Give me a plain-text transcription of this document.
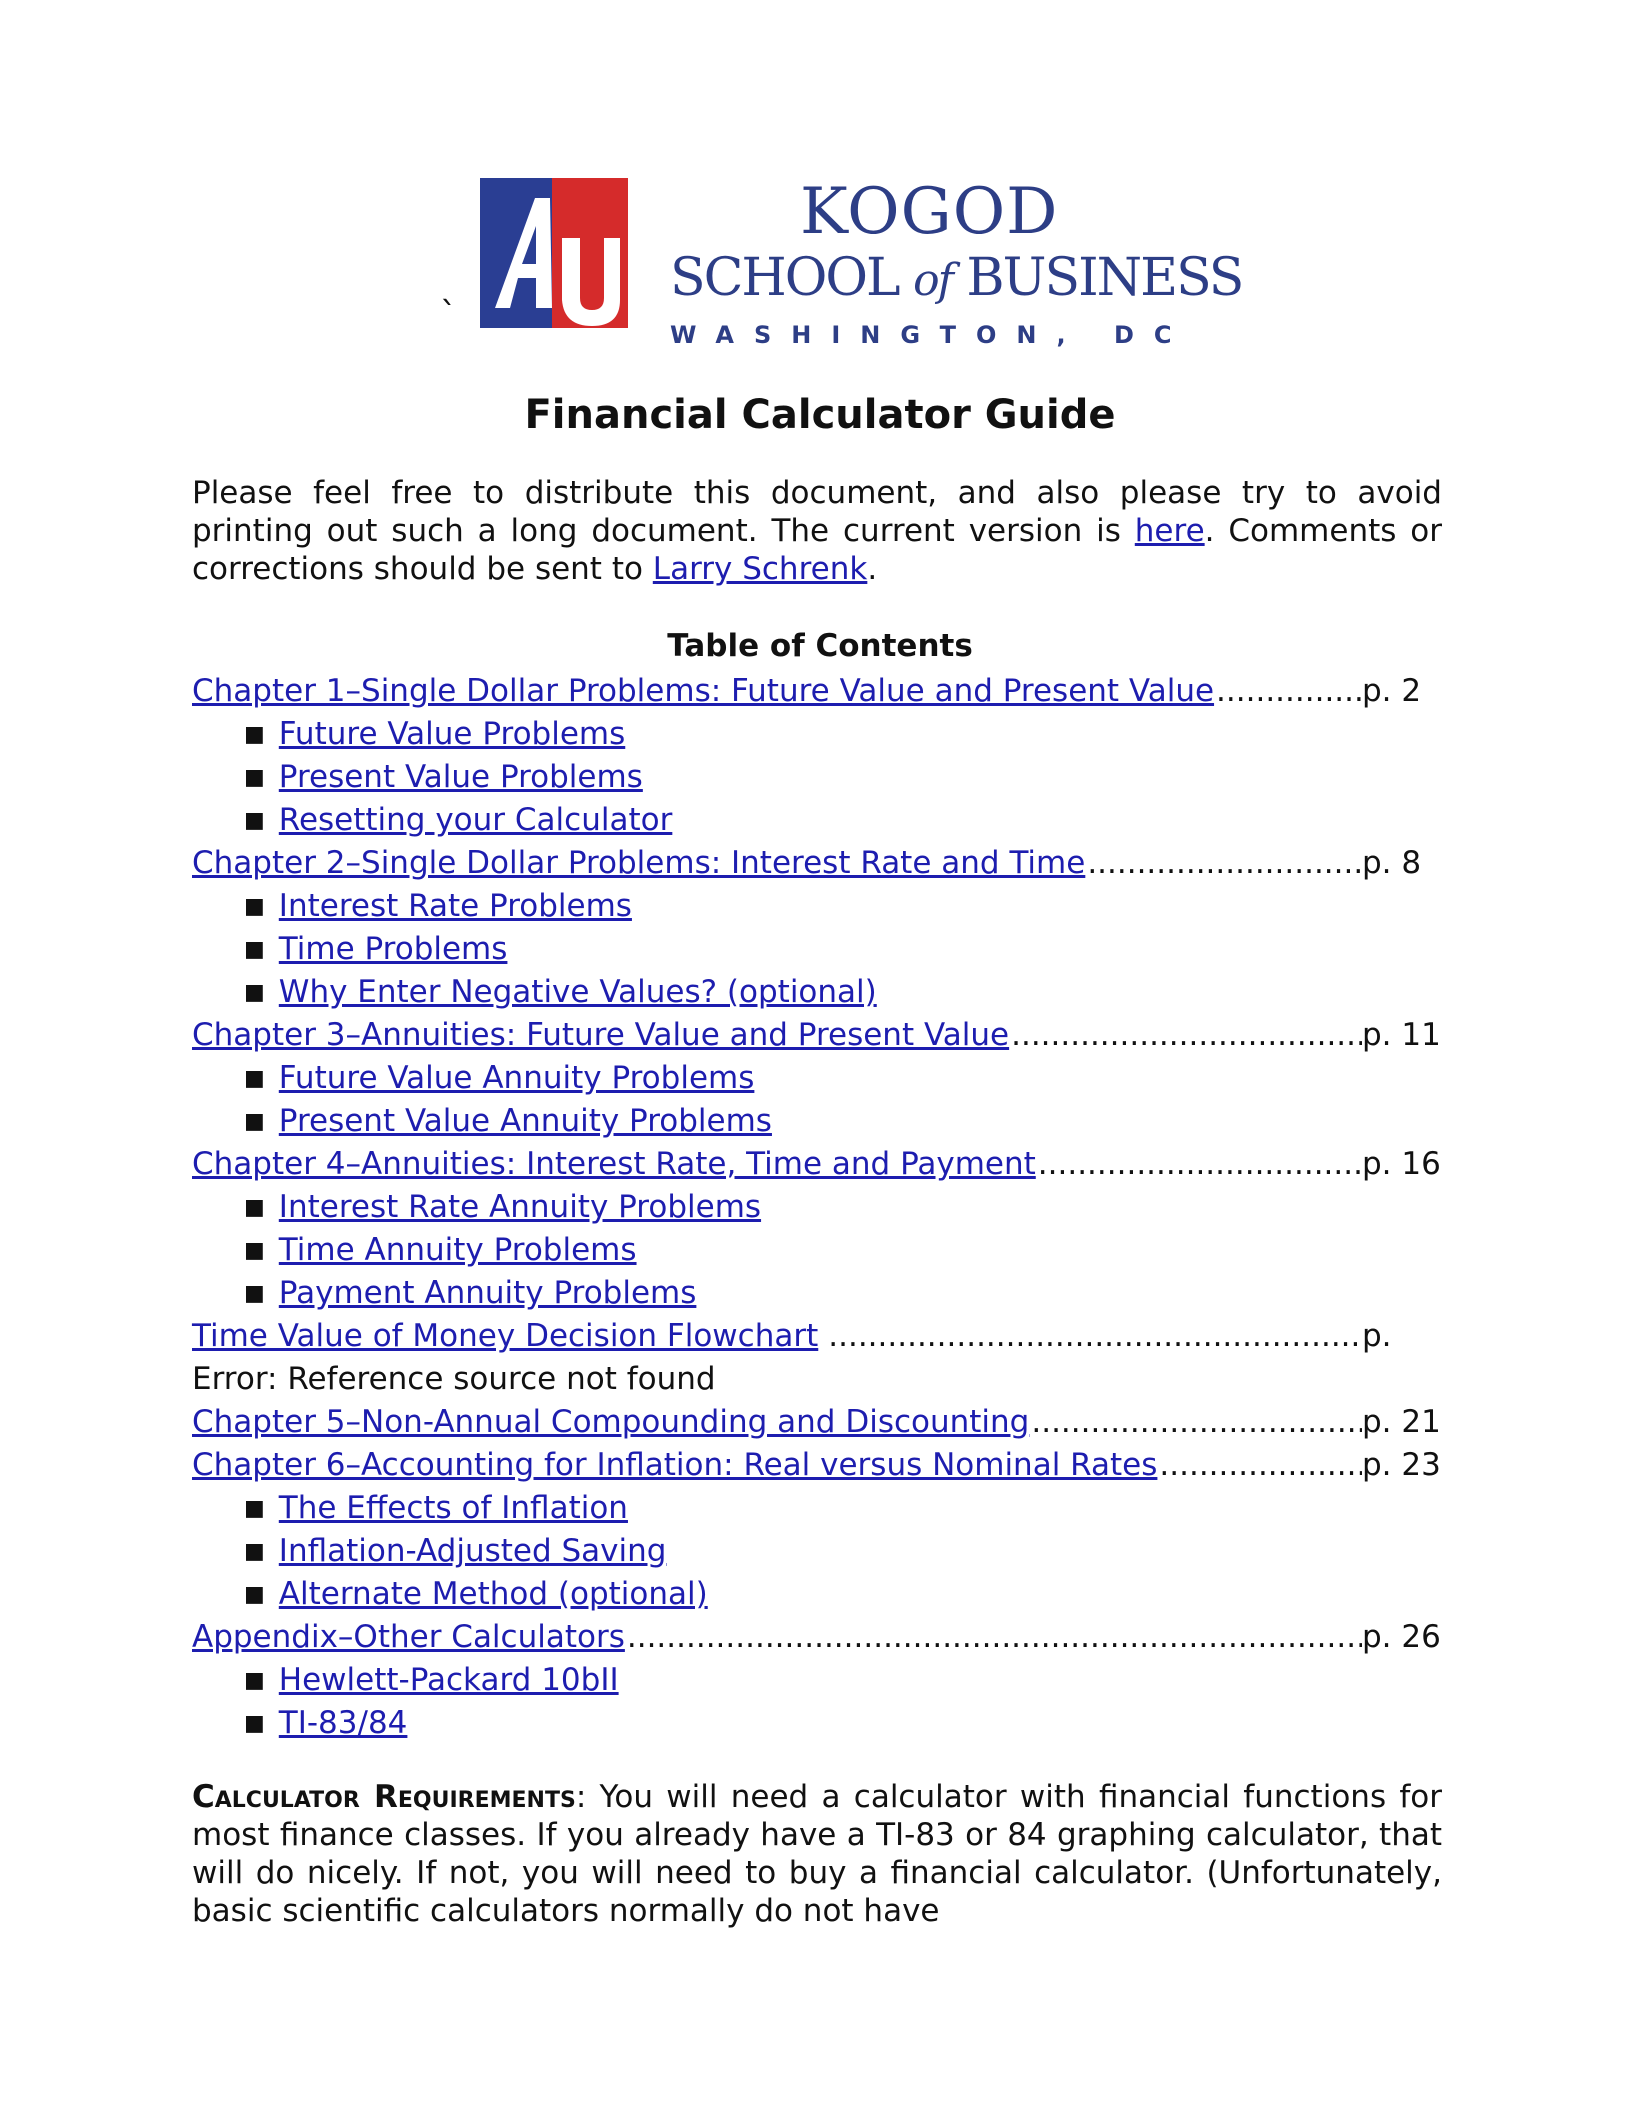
`
KOGOD
SCHOOL of BUSINESS
WASHINGTON, DC
Financial Calculator Guide

Please feel free to distribute this document, and also please try to avoid printing out such a long document. The current version is here. Comments or corrections should be sent to Larry Schrenk.

Table of Contents

Chapter 1–Single Dollar Problems: Future Value and Present Value .....	p. 2
■ Future Value Problems
■ Present Value Problems
■ Resetting your Calculator
Chapter 2–Single Dollar Problems: Interest Rate and Time .....	p. 8
■ Interest Rate Problems
■ Time Problems
■ Why Enter Negative Values? (optional)
Chapter 3–Annuities: Future Value and Present Value .....	p. 11
■ Future Value Annuity Problems
■ Present Value Annuity Problems
Chapter 4–Annuities: Interest Rate, Time and Payment .....	p. 16
■ Interest Rate Annuity Problems
■ Time Annuity Problems
■ Payment Annuity Problems
Time Value of Money Decision Flowchart .....	p.
Error: Reference source not found
Chapter 5–Non-Annual Compounding and Discounting .....	p. 21
Chapter 6–Accounting for Inflation: Real versus Nominal Rates .....	p. 23
■ The Effects of Inflation
■ Inflation-Adjusted Saving
■ Alternate Method (optional)
Appendix–Other Calculators .....	p. 26
■ Hewlett-Packard 10bII
■ TI-83/84

Calculator Requirements: You will need a calculator with financial functions for most finance classes. If you already have a TI-83 or 84 graphing calculator, that will do nicely. If not, you will need to buy a financial calculator. (Unfortunately, basic scientific calculators normally do not have
